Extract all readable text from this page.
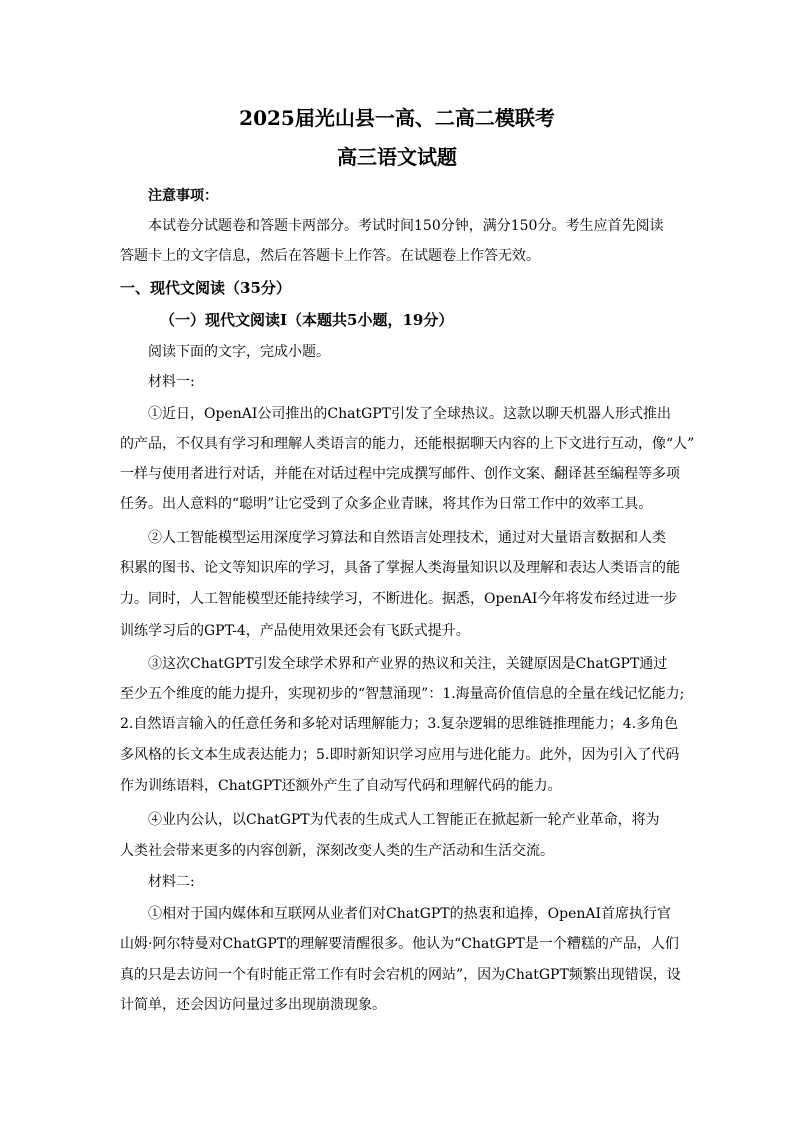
2025届光山县一高、二高二模联考
高三语文试题
注意事项：
本试卷分试题卷和答题卡两部分。考试时间150分钟，满分150分。考生应首先阅读
答题卡上的文字信息，然后在答题卡上作答。在试题卷上作答无效。
一、现代文阅读（35分）
（一）现代文阅读Ⅰ（本题共5小题，19分）
阅读下面的文字，完成小题。
材料一:
①近日，OpenAI公司推出的ChatGPT引发了全球热议。这款以聊天机器人形式推出
的产品，不仅具有学习和理解人类语言的能力，还能根据聊天内容的上下文进行互动，像“人”
一样与使用者进行对话，并能在对话过程中完成撰写邮件、创作文案、翻译甚至编程等多项
任务。出人意料的“聪明”让它受到了众多企业青睐，将其作为日常工作中的效率工具。
②人工智能模型运用深度学习算法和自然语言处理技术，通过对大量语言数据和人类
积累的图书、论文等知识库的学习，具备了掌握人类海量知识以及理解和表达人类语言的能
力。同时，人工智能模型还能持续学习，不断进化。据悉，OpenAI今年将发布经过进一步
训练学习后的GPT-4，产品使用效果还会有飞跃式提升。
③这次ChatGPT引发全球学术界和产业界的热议和关注，关键原因是ChatGPT通过
至少五个维度的能力提升，实现初步的“智慧涌现”：1.海量高价值信息的全量在线记忆能力;
2.自然语言输入的任意任务和多轮对话理解能力；3.复杂逻辑的思维链推理能力；4.多角色
多风格的长文本生成表达能力；5.即时新知识学习应用与进化能力。此外，因为引入了代码
作为训练语料，ChatGPT还额外产生了自动写代码和理解代码的能力。
④业内公认，以ChatGPT为代表的生成式人工智能正在掀起新一轮产业革命，将为
人类社会带来更多的内容创新，深刻改变人类的生产活动和生活交流。
材料二:
①相对于国内媒体和互联网从业者们对ChatGPT的热衷和追捧，OpenAI首席执行官
山姆·阿尔特曼对ChatGPT的理解要清醒很多。他认为“ChatGPT是一个糟糕的产品，人们
真的只是去访问一个有时能正常工作有时会宕机的网站”，因为ChatGPT频繁出现错误，设
计简单，还会因访问量过多出现崩溃现象。
